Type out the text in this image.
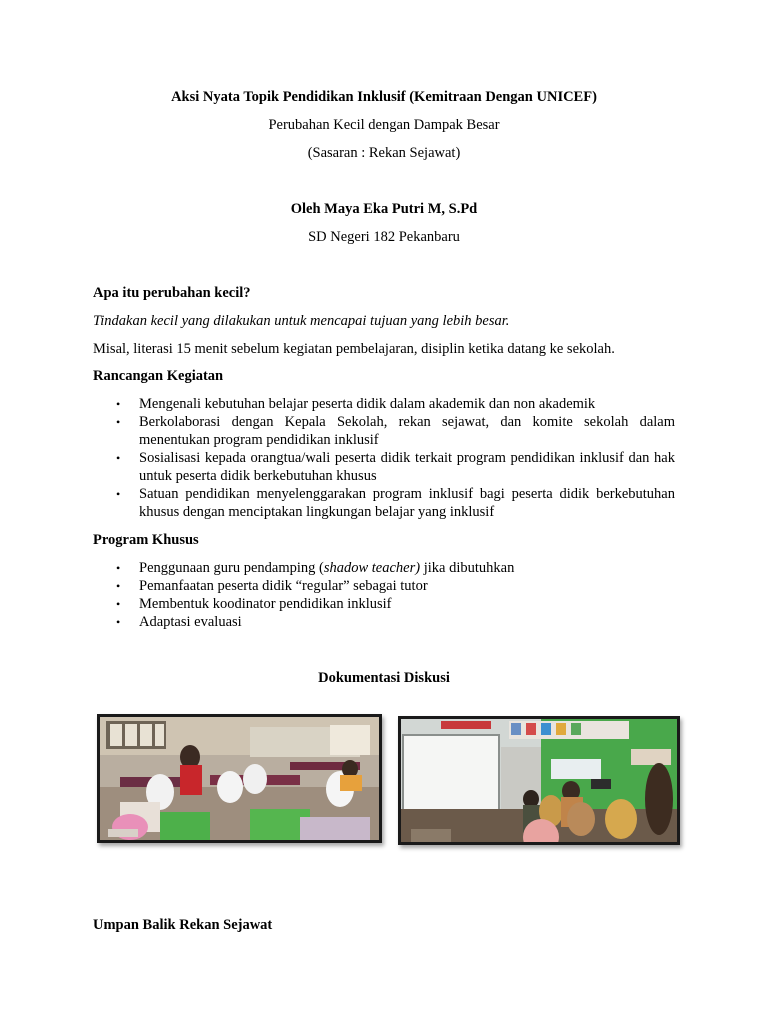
Aksi Nyata Topik Pendidikan Inklusif (Kemitraan Dengan UNICEF)
Perubahan Kecil dengan Dampak Besar
(Sasaran : Rekan Sejawat)
Oleh Maya Eka Putri M, S.Pd
SD Negeri 182 Pekanbaru
Apa itu perubahan kecil?
Tindakan kecil yang dilakukan untuk mencapai tujuan yang lebih besar.
Misal, literasi 15 menit sebelum kegiatan pembelajaran, disiplin ketika datang ke sekolah.
Rancangan Kegiatan
• Mengenali kebutuhan belajar peserta didik dalam akademik dan non akademik
• Berkolaborasi dengan Kepala Sekolah, rekan sejawat, dan komite sekolah dalam menentukan program pendidikan inklusif
• Sosialisasi kepada orangtua/wali peserta didik terkait program pendidikan inklusif dan hak untuk peserta didik berkebutuhan khusus
• Satuan pendidikan menyelenggarakan program inklusif bagi peserta didik berkebutuhan khusus dengan menciptakan lingkungan belajar yang inklusif
Program Khusus
• Penggunaan guru pendamping (shadow teacher) jika dibutuhkan
• Pemanfaatan peserta didik “regular” sebagai tutor
• Membentuk koodinator pendidikan inklusif
• Adaptasi evaluasi
Dokumentasi Diskusi
Umpan Balik Rekan Sejawat
